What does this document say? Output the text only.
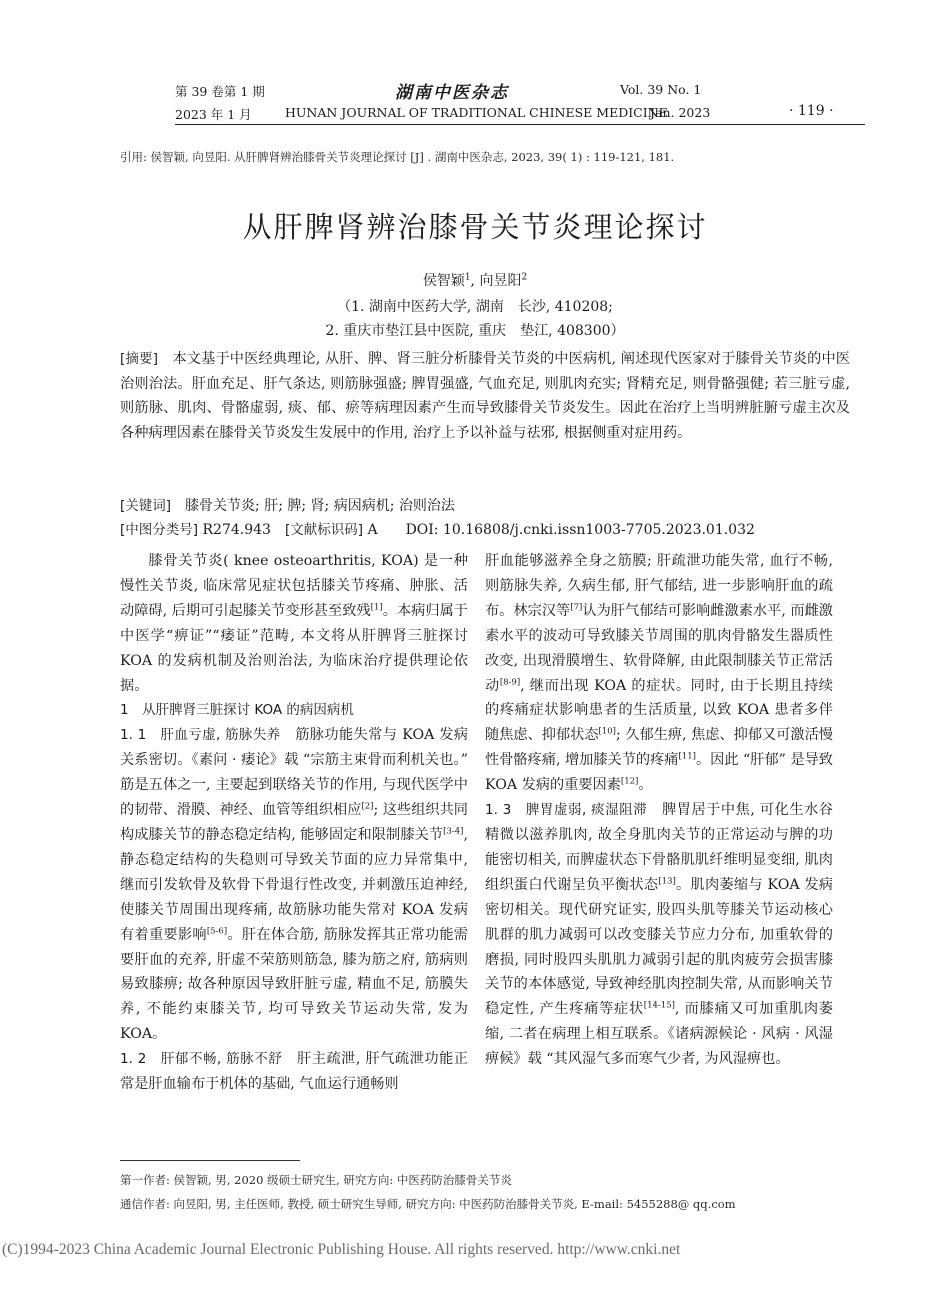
第 39 卷第 1 期
2023 年 1 月
湖南中医杂志
HUNAN JOURNAL OF TRADITIONAL CHINESE MEDICINE
Vol. 39 No. 1
Jan. 2023	· 119 ·
引用: 侯智颖, 向昱阳. 从肝脾肾辨治膝骨关节炎理论探讨 [J] . 湖南中医杂志, 2023, 39( 1) : 119-121, 181.
从肝脾肾辨治膝骨关节炎理论探讨
侯智颖$^1$, 向昱阳$^2$
（1. 湖南中医药大学, 湖南　长沙, 410208;
2. 重庆市垫江县中医院, 重庆　垫江, 408300）
[摘要]　 本文基于中医经典理论, 从肝、脾、肾三脏分析膝骨关节炎的中医病机, 阐述现代医家对于膝骨关节炎的中医治则治法。肝血充足、肝气条达, 则筋脉强盛; 脾胃强盛, 气血充足, 则肌肉充实; 肾精充足, 则骨骼强健; 若三脏亏虚, 则筋脉、肌肉、骨骼虚弱, 痰、郁、瘀等病理因素产生而导致膝骨关节炎发生。因此在治疗上当明辨脏腑亏虚主次及各种病理因素在膝骨关节炎发生发展中的作用, 治疗上予以补益与祛邪, 根据侧重对症用药。
[关键词]　 膝骨关节炎; 肝; 脾; 肾; 病因病机; 治则治法
[中图分类号] R274.943　 [文献标识码] A　　 DOI: 10.16808/j.cnki.issn1003-7705.2023.01.032

膝骨关节炎( knee osteoarthritis, KOA) 是一种慢性关节炎, 临床常见症状包括膝关节疼痛、肿胀、活动障碍, 后期可引起膝关节变形甚至致残[1]。本病归属于中医学“痹证”“痿证”范畴, 本文将从肝脾肾三脏探讨 KOA 的发病机制及治则治法, 为临床治疗提供理论依据。

1　从肝脾肾三脏探讨 KOA 的病因病机

1. 1　肝血亏虚, 筋脉失养　 筋脉功能失常与 KOA 发病关系密切。《素问 · 痿论》载 “宗筋主束骨而利机关也。” 筋是五体之一, 主要起到联络关节的作用, 与现代医学中的韧带、滑膜、神经、血管等组织相应[2]; 这些组织共同构成膝关节的静态稳定结构, 能够固定和限制膝关节[3-4], 静态稳定结构的失稳则可导致关节面的应力异常集中, 继而引发软骨及软骨下骨退行性改变, 并刺激压迫神经, 使膝关节周围出现疼痛, 故筋脉功能失常对 KOA 发病有着重要影响[5-6]。肝在体合筋, 筋脉发挥其正常功能需要肝血的充养, 肝虚不荣筋则筋急, 膝为筋之府, 筋病则易致膝痹; 故各种原因导致肝脏亏虚, 精血不足, 筋膜失养, 不能约束膝关节, 均可导致关节运动失常, 发为 KOA。

1. 2　肝郁不畅, 筋脉不舒　 肝主疏泄, 肝气疏泄功能正常是肝血输布于机体的基础, 气血运行通畅则

肝血能够滋养全身之筋膜; 肝疏泄功能失常, 血行不畅, 则筋脉失养, 久病生郁, 肝气郁结, 进一步影响肝血的疏布。林宗汉等[7]认为肝气郁结可影响雌激素水平, 而雌激素水平的波动可导致膝关节周围的肌肉骨骼发生器质性改变, 出现滑膜增生、软骨降解, 由此限制膝关节正常活动[8-9], 继而出现 KOA 的症状。同时, 由于长期且持续的疼痛症状影响患者的生活质量, 以致 KOA 患者多伴随焦虑、抑郁状态[10]; 久郁生痹, 焦虑、抑郁又可激活慢性骨骼疼痛, 增加膝关节的疼痛[11]。因此 “肝郁” 是导致 KOA 发病的重要因素[12]。

1. 3　脾胃虚弱, 痰湿阻滞　 脾胃居于中焦, 可化生水谷精微以滋养肌肉, 故全身肌肉关节的正常运动与脾的功能密切相关, 而脾虚状态下骨骼肌肌纤维明显变细, 肌肉组织蛋白代谢呈负平衡状态[13]。肌肉萎缩与 KOA 发病密切相关。现代研究证实, 股四头肌等膝关节运动核心肌群的肌力减弱可以改变膝关节应力分布, 加重软骨的磨损, 同时股四头肌肌力减弱引起的肌肉疲劳会损害膝关节的本体感觉, 导致神经肌肉控制失常, 从而影响关节稳定性, 产生疼痛等症状[14-15], 而膝痛又可加重肌肉萎缩, 二者在病理上相互联系。《诸病源候论 · 风病 · 风湿痹候》载 “其风湿气多而寒气少者, 为风湿痹也。

第一作者: 侯智颖, 男, 2020 级硕士研究生, 研究方向: 中医药防治膝骨关节炎
通信作者: 向昱阳, 男, 主任医师, 教授, 硕士研究生导师, 研究方向: 中医药防治膝骨关节炎, E-mail: 5455288@ qq.com
(C)1994-2023 China Academic Journal Electronic Publishing House. All rights reserved. http://www.cnki.net
